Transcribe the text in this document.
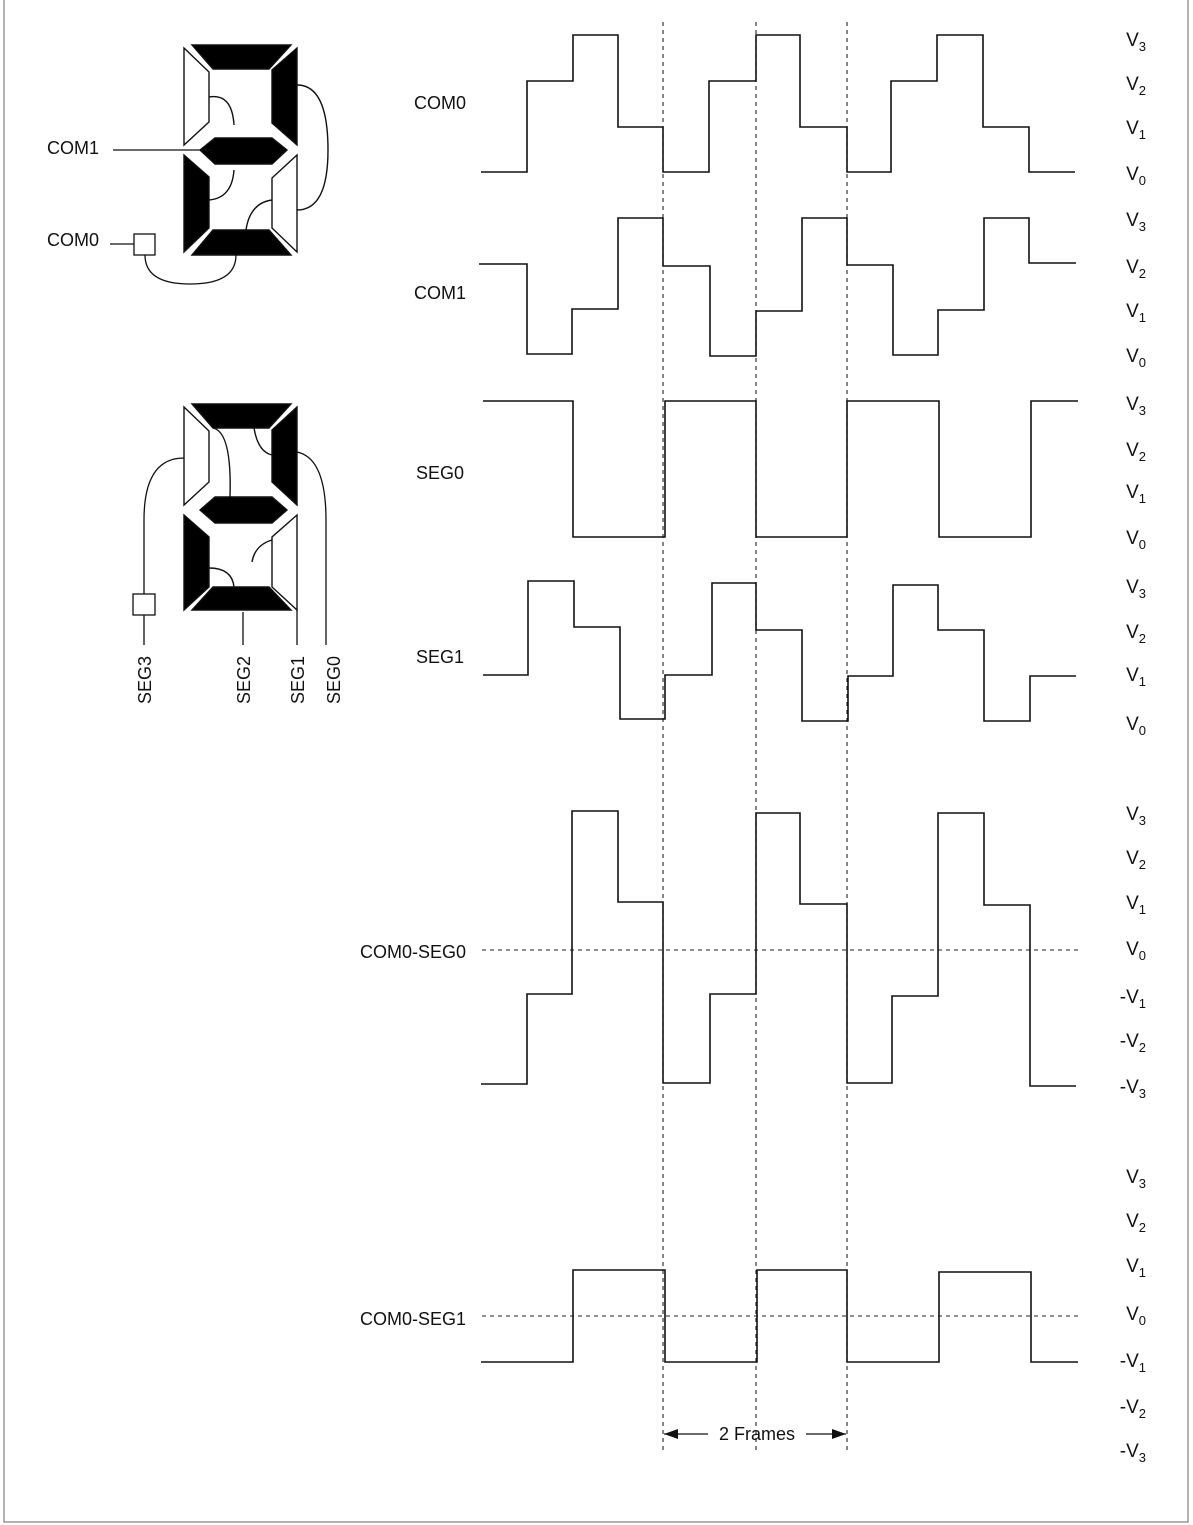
COM1
COM0
SEG3	SEG2 SEG1 SEG0
COM0
COM1
SEG0
SEG1
COM0-SEG0
COM0-SEG1
$V_3$
$V_2$
$V_1$
$V_0$
$V_3$
$V_2$
$V_1$
$V_0$
$V_3$
$V_2$
$V_1$
$V_0$
$V_3$
$V_2$
$V_1$
$V_0$
$V_3$
$V_2$
$V_1$
$V_0$
$-V_1$
$-V_2$
$-V_3$
$V_3$
$V_2$
$V_1$
$V_0$
$-V_1$
$-V_2$
$-V_3$
2 Frames
